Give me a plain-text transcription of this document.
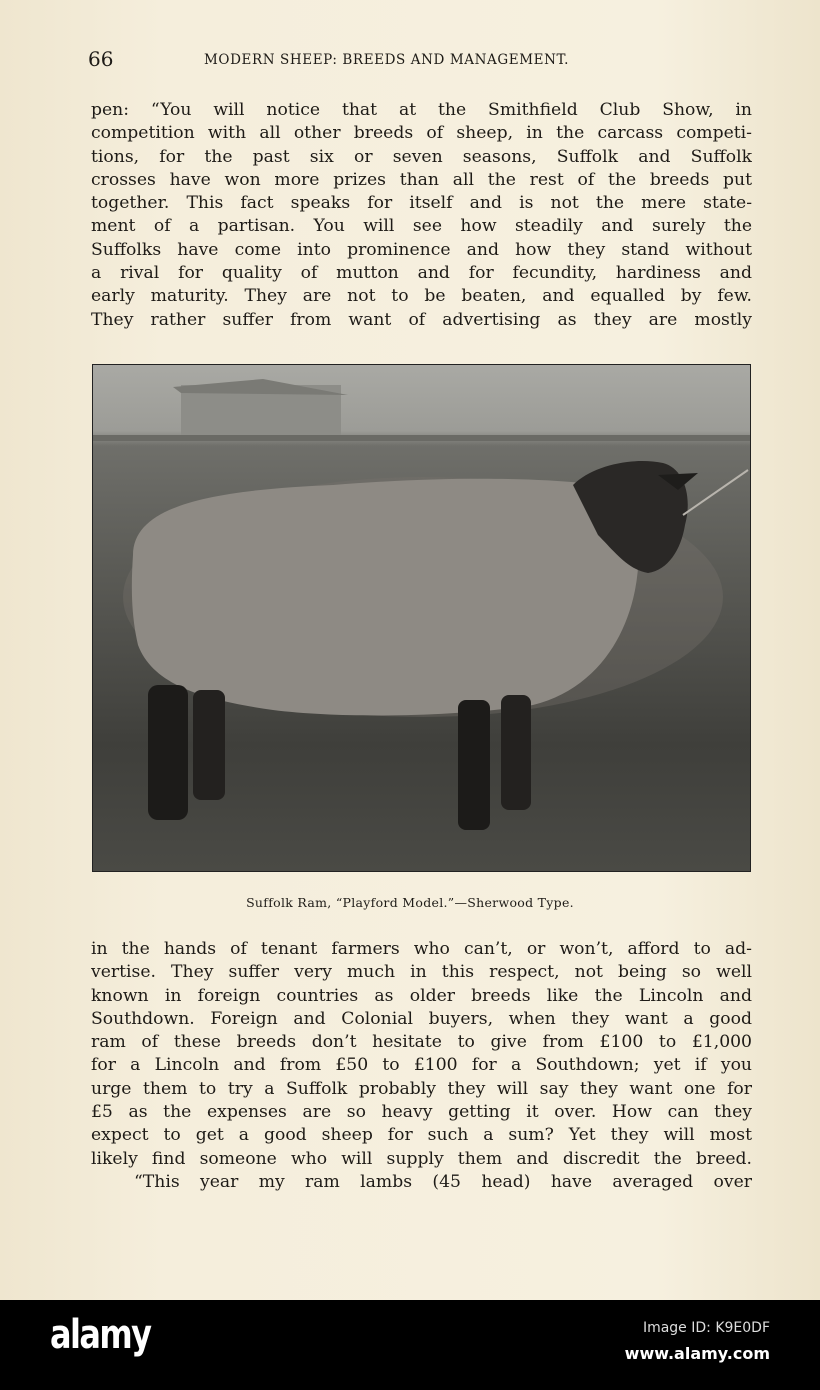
66	MODERN SHEEP: BREEDS AND MANAGEMENT.
pen: “You will notice that at the Smithfield Club Show, in
competition with all other breeds of sheep, in the carcass competi-
tions, for the past six or seven seasons, Suffolk and Suffolk
crosses have won more prizes than all the rest of the breeds put
together. This fact speaks for itself and is not the mere state-
ment of a partisan. You will see how steadily and surely the
Suffolks have come into prominence and how they stand without
a rival for quality of mutton and for fecundity, hardiness and
early maturity. They are not to be beaten, and equalled by few.
They rather suffer from want of advertising as they are mostly
Suffolk Ram, “Playford Model.”—Sherwood Type.
in the hands of tenant farmers who can’t, or won’t, afford to ad-
vertise. They suffer very much in this respect, not being so well
known in foreign countries as older breeds like the Lincoln and
Southdown. Foreign and Colonial buyers, when they want a good
ram of these breeds don’t hesitate to give from £100 to £1,000
for a Lincoln and from £50 to £100 for a Southdown; yet if you
urge them to try a Suffolk probably they will say they want one for
£5 as the expenses are so heavy getting it over. How can they
expect to get a good sheep for such a sum? Yet they will most
likely find someone who will supply them and discredit the breed.
“This year my ram lambs (45 head) have averaged over
alamy	Image ID: K9E0DF
www.alamy.com
